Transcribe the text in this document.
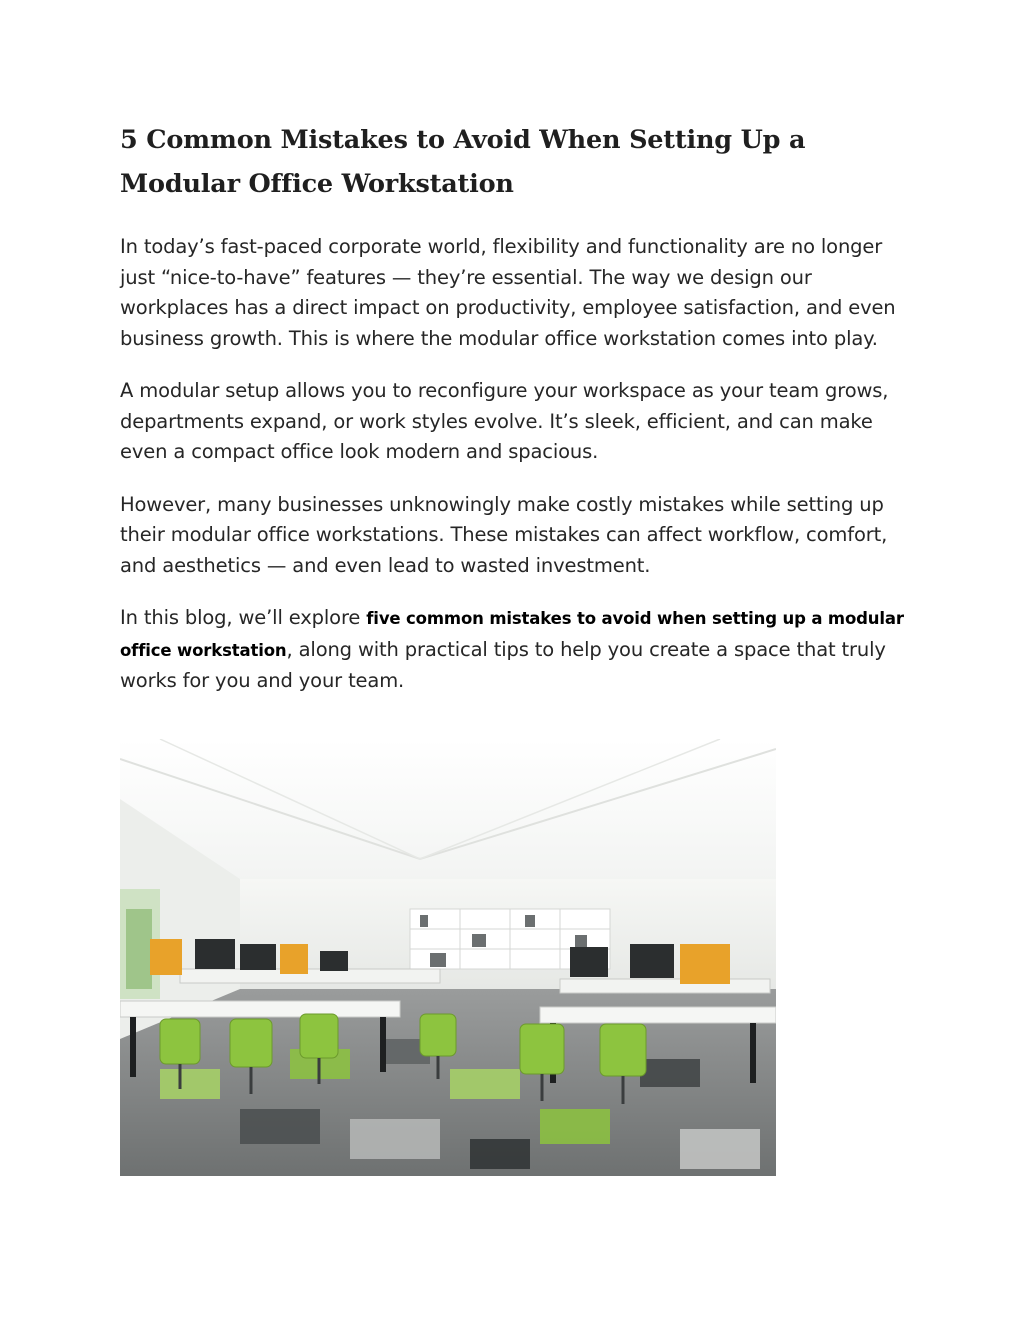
5 Common Mistakes to Avoid When Setting Up a Modular Office Workstation

In today’s fast-paced corporate world, flexibility and functionality are no longer just “nice-to-have” features — they’re essential. The way we design our workplaces has a direct impact on productivity, employee satisfaction, and even business growth. This is where the modular office workstation comes into play.

A modular setup allows you to reconfigure your workspace as your team grows, departments expand, or work styles evolve. It’s sleek, efficient, and can make even a compact office look modern and spacious.

However, many businesses unknowingly make costly mistakes while setting up their modular office workstations. These mistakes can affect workflow, comfort, and aesthetics — and even lead to wasted investment.

In this blog, we’ll explore five common mistakes to avoid when setting up a modular office workstation, along with practical tips to help you create a space that truly works for you and your team.
